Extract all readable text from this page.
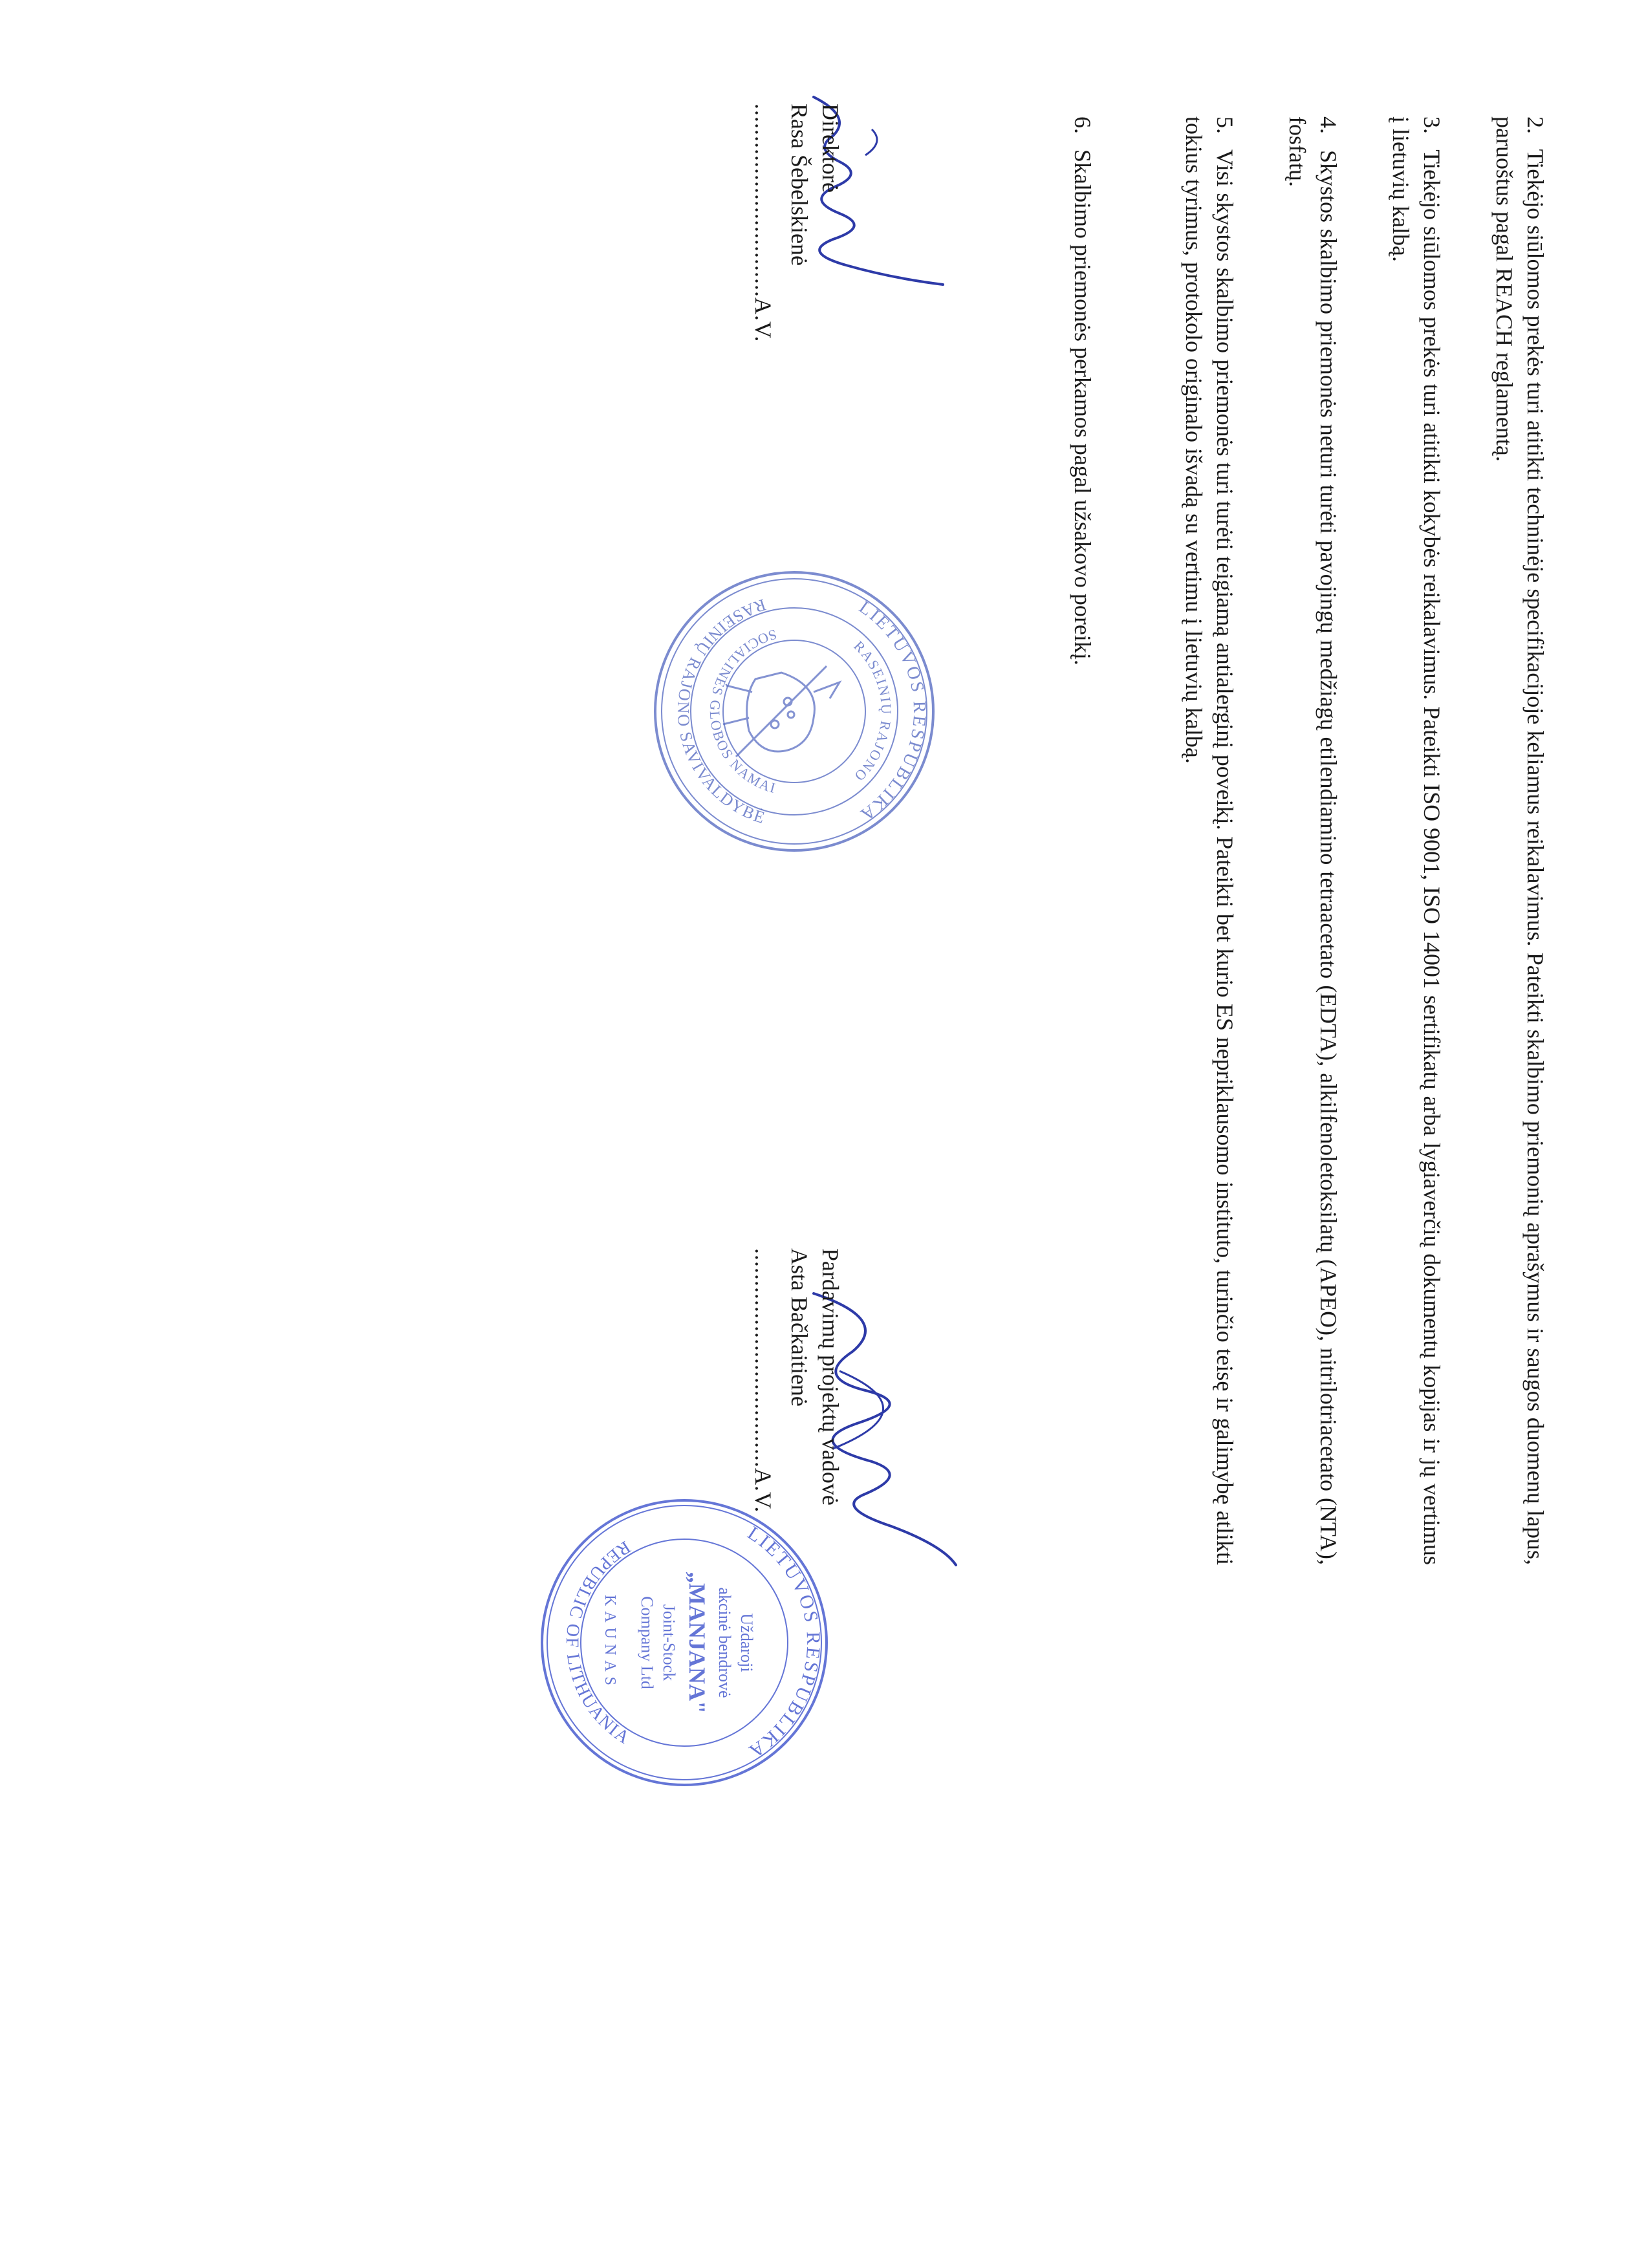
2. Tiekėjo siūlomos prekės turi atitikti techninėje specifikacijoje keliamus reikalavimus. Pateikti skalbimo priemonių aprašymus ir saugos duomenų lapus, paruoštus pagal REACH reglamentą.
3. Tiekėjo siūlomos prekės turi atitikti kokybės reikalavimus. Pateikti ISO 9001, ISO 14001 sertifikatų arba lygiaverčių dokumentų kopijas ir jų vertimus į lietuvių kalbą.
4. Skystos skalbimo priemonės neturi turėti pavojingų medžiagų etilendiamino tetraacetato (EDTA), alkilfenoletoksilatų (APEO), nitrilotriacetato (NTA), fosfatų.
5. Visi skystos skalbimo priemonės turi turėti teigiamą antialerginį poveikį. Pateikti bet kurio ES nepriklausomo instituto, turinčio teisę ir galimybę atlikti tokius tyrimus, protokolo originalo išvadą su vertimu į lietuvių kalbą.
6. Skalbimo priemonės perkamos pagal užsakovo poreikį.
LIETUVOS RESPUBLIKA
RASEINIŲ RAJONO SAVIVALDYBĖ
RASEINIŲ RAJONO
SOCIALINĖS GLOBOS NAMAI
LIETUVOS RESPUBLIKA
REPUBLIC OF LITHUANIA
Uždaroji
akcinė bendrovė
„MANJANA"
Joint-Stock
Company Ltd
KAUNAS
Direktorė
Rasa Šebelskienė
..............................A.V.
Pardavimų projektų vadovė
Asta Bačkaitienė
..................................A.V.
